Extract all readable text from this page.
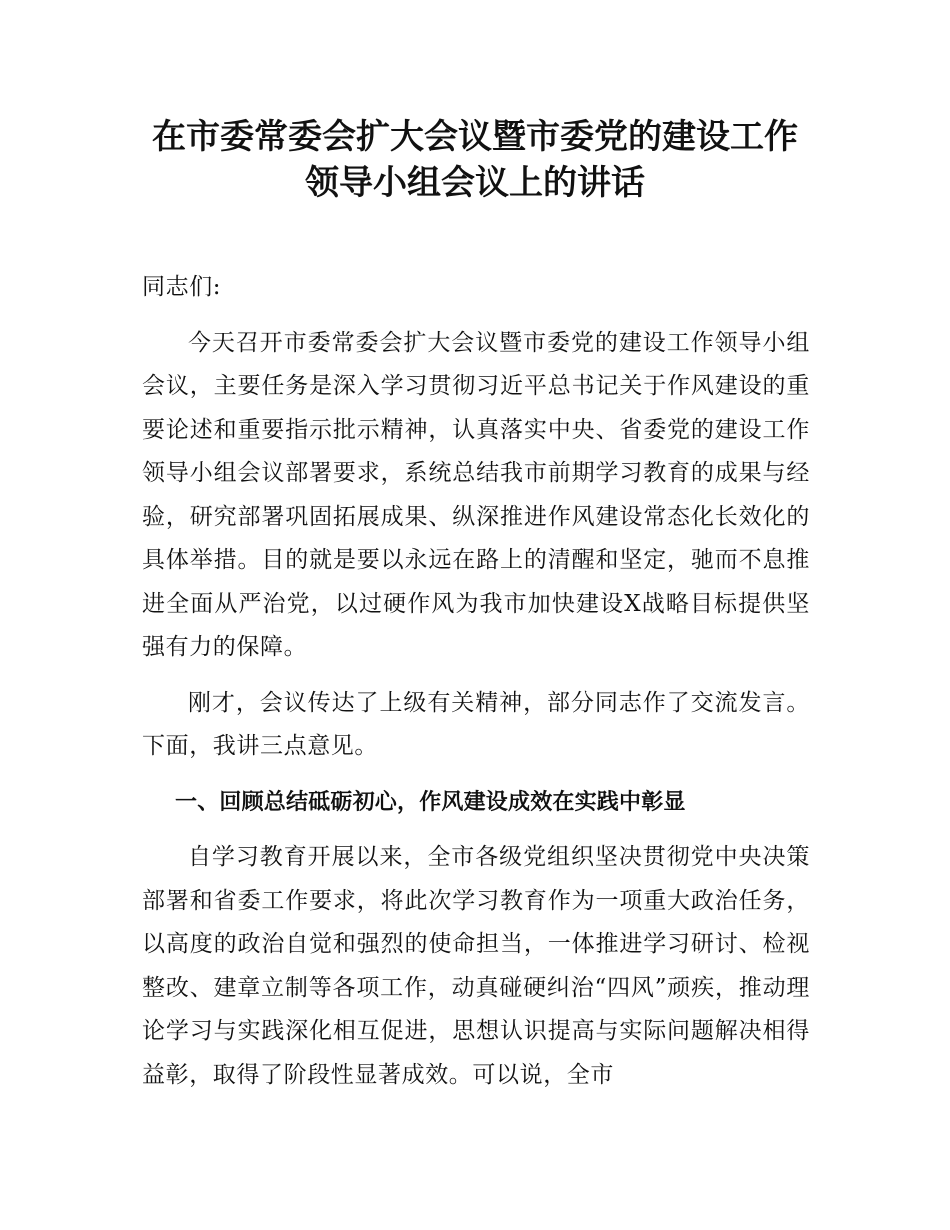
在市委常委会扩大会议暨市委党的建设工作
领导小组会议上的讲话

同志们:

今天召开市委常委会扩大会议暨市委党的建设工作领导小组会议，主要任务是深入学习贯彻习近平总书记关于作风建设的重要论述和重要指示批示精神，认真落实中央、省委党的建设工作领导小组会议部署要求，系统总结我市前期学习教育的成果与经验，研究部署巩固拓展成果、纵深推进作风建设常态化长效化的具体举措。目的就是要以永远在路上的清醒和坚定，驰而不息推进全面从严治党，以过硬作风为我市加快建设X战略目标提供坚强有力的保障。

刚才，会议传达了上级有关精神，部分同志作了交流发言。下面，我讲三点意见。

一、回顾总结砥砺初心，作风建设成效在实践中彰显

自学习教育开展以来，全市各级党组织坚决贯彻党中央决策部署和省委工作要求，将此次学习教育作为一项重大政治任务，以高度的政治自觉和强烈的使命担当，一体推进学习研讨、检视整改、建章立制等各项工作，动真碰硬纠治“四风”顽疾，推动理论学习与实践深化相互促进，思想认识提高与实际问题解决相得益彰，取得了阶段性显著成效。可以说，全市
